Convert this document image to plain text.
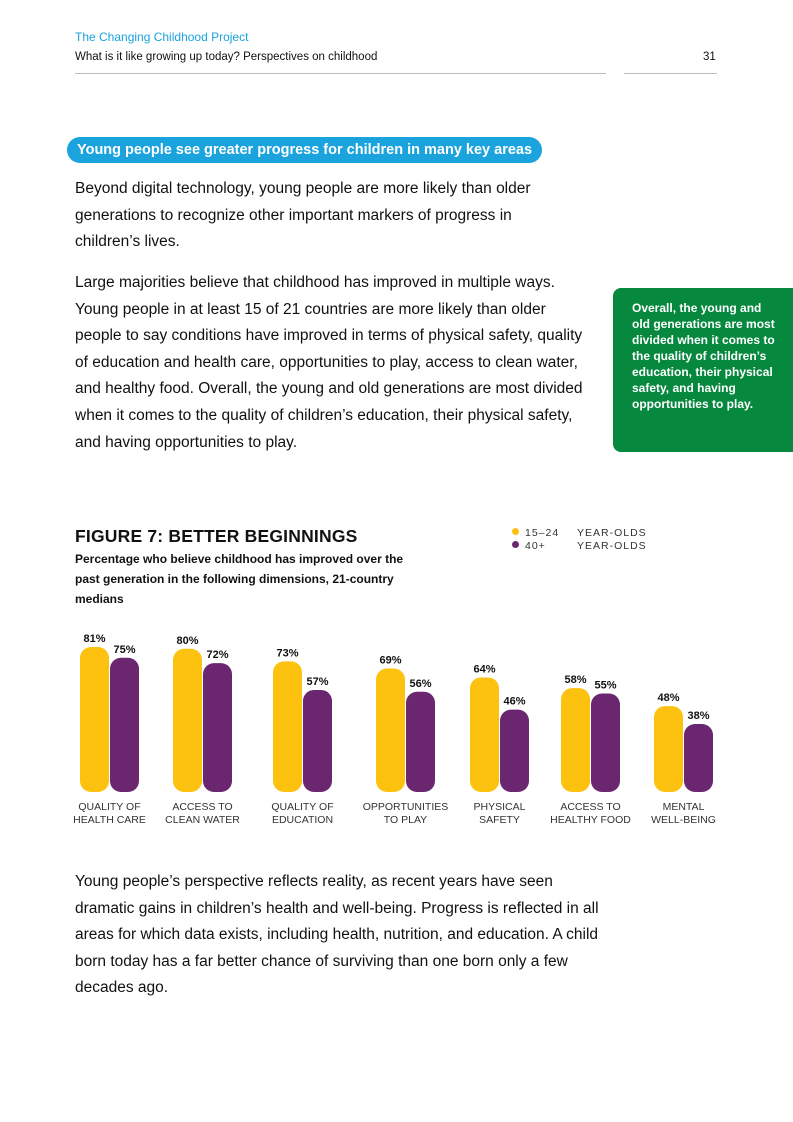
The Changing Childhood Project
What is it like growing up today? Perspectives on childhood	31
Young people see greater progress for children in many key areas

Beyond digital technology, young people are more likely than older generations to recognize other important markers of progress in children’s lives.

Large majorities believe that childhood has improved in multiple ways. Young people in at least 15 of 21 countries are more likely than older people to say conditions have improved in terms of physical safety, quality of education and health care, opportunities to play, access to clean water, and healthy food. Overall, the young and old generations are most divided when it comes to the quality of children’s education, their physical safety, and having opportunities to play.

Overall, the young and old generations are most divided when it comes to the quality of children’s education, their physical safety, and having opportunities to play.
FIGURE 7: BETTER BEGINNINGS
Percentage who believe childhood has improved over the past generation in the following dimensions, 21-country medians
15–24 YEAR-OLDS
40+	YEAR-OLDS
81%
75%
QUALITY OF
HEALTH CARE
80%
72%
ACCESS TO
CLEAN WATER
73%
57%
QUALITY OF
EDUCATION
69%
56%
OPPORTUNITIES
TO PLAY
64%
46%
PHYSICAL
SAFETY
58% 55%
ACCESS TO
HEALTHY FOOD
48%
38%
MENTAL
WELL-BEING

Young people’s perspective reflects reality, as recent years have seen dramatic gains in children’s health and well-being. Progress is reflected in all areas for which data exists, including health, nutrition, and education. A child born today has a far better chance of surviving than one born only a few decades ago.
